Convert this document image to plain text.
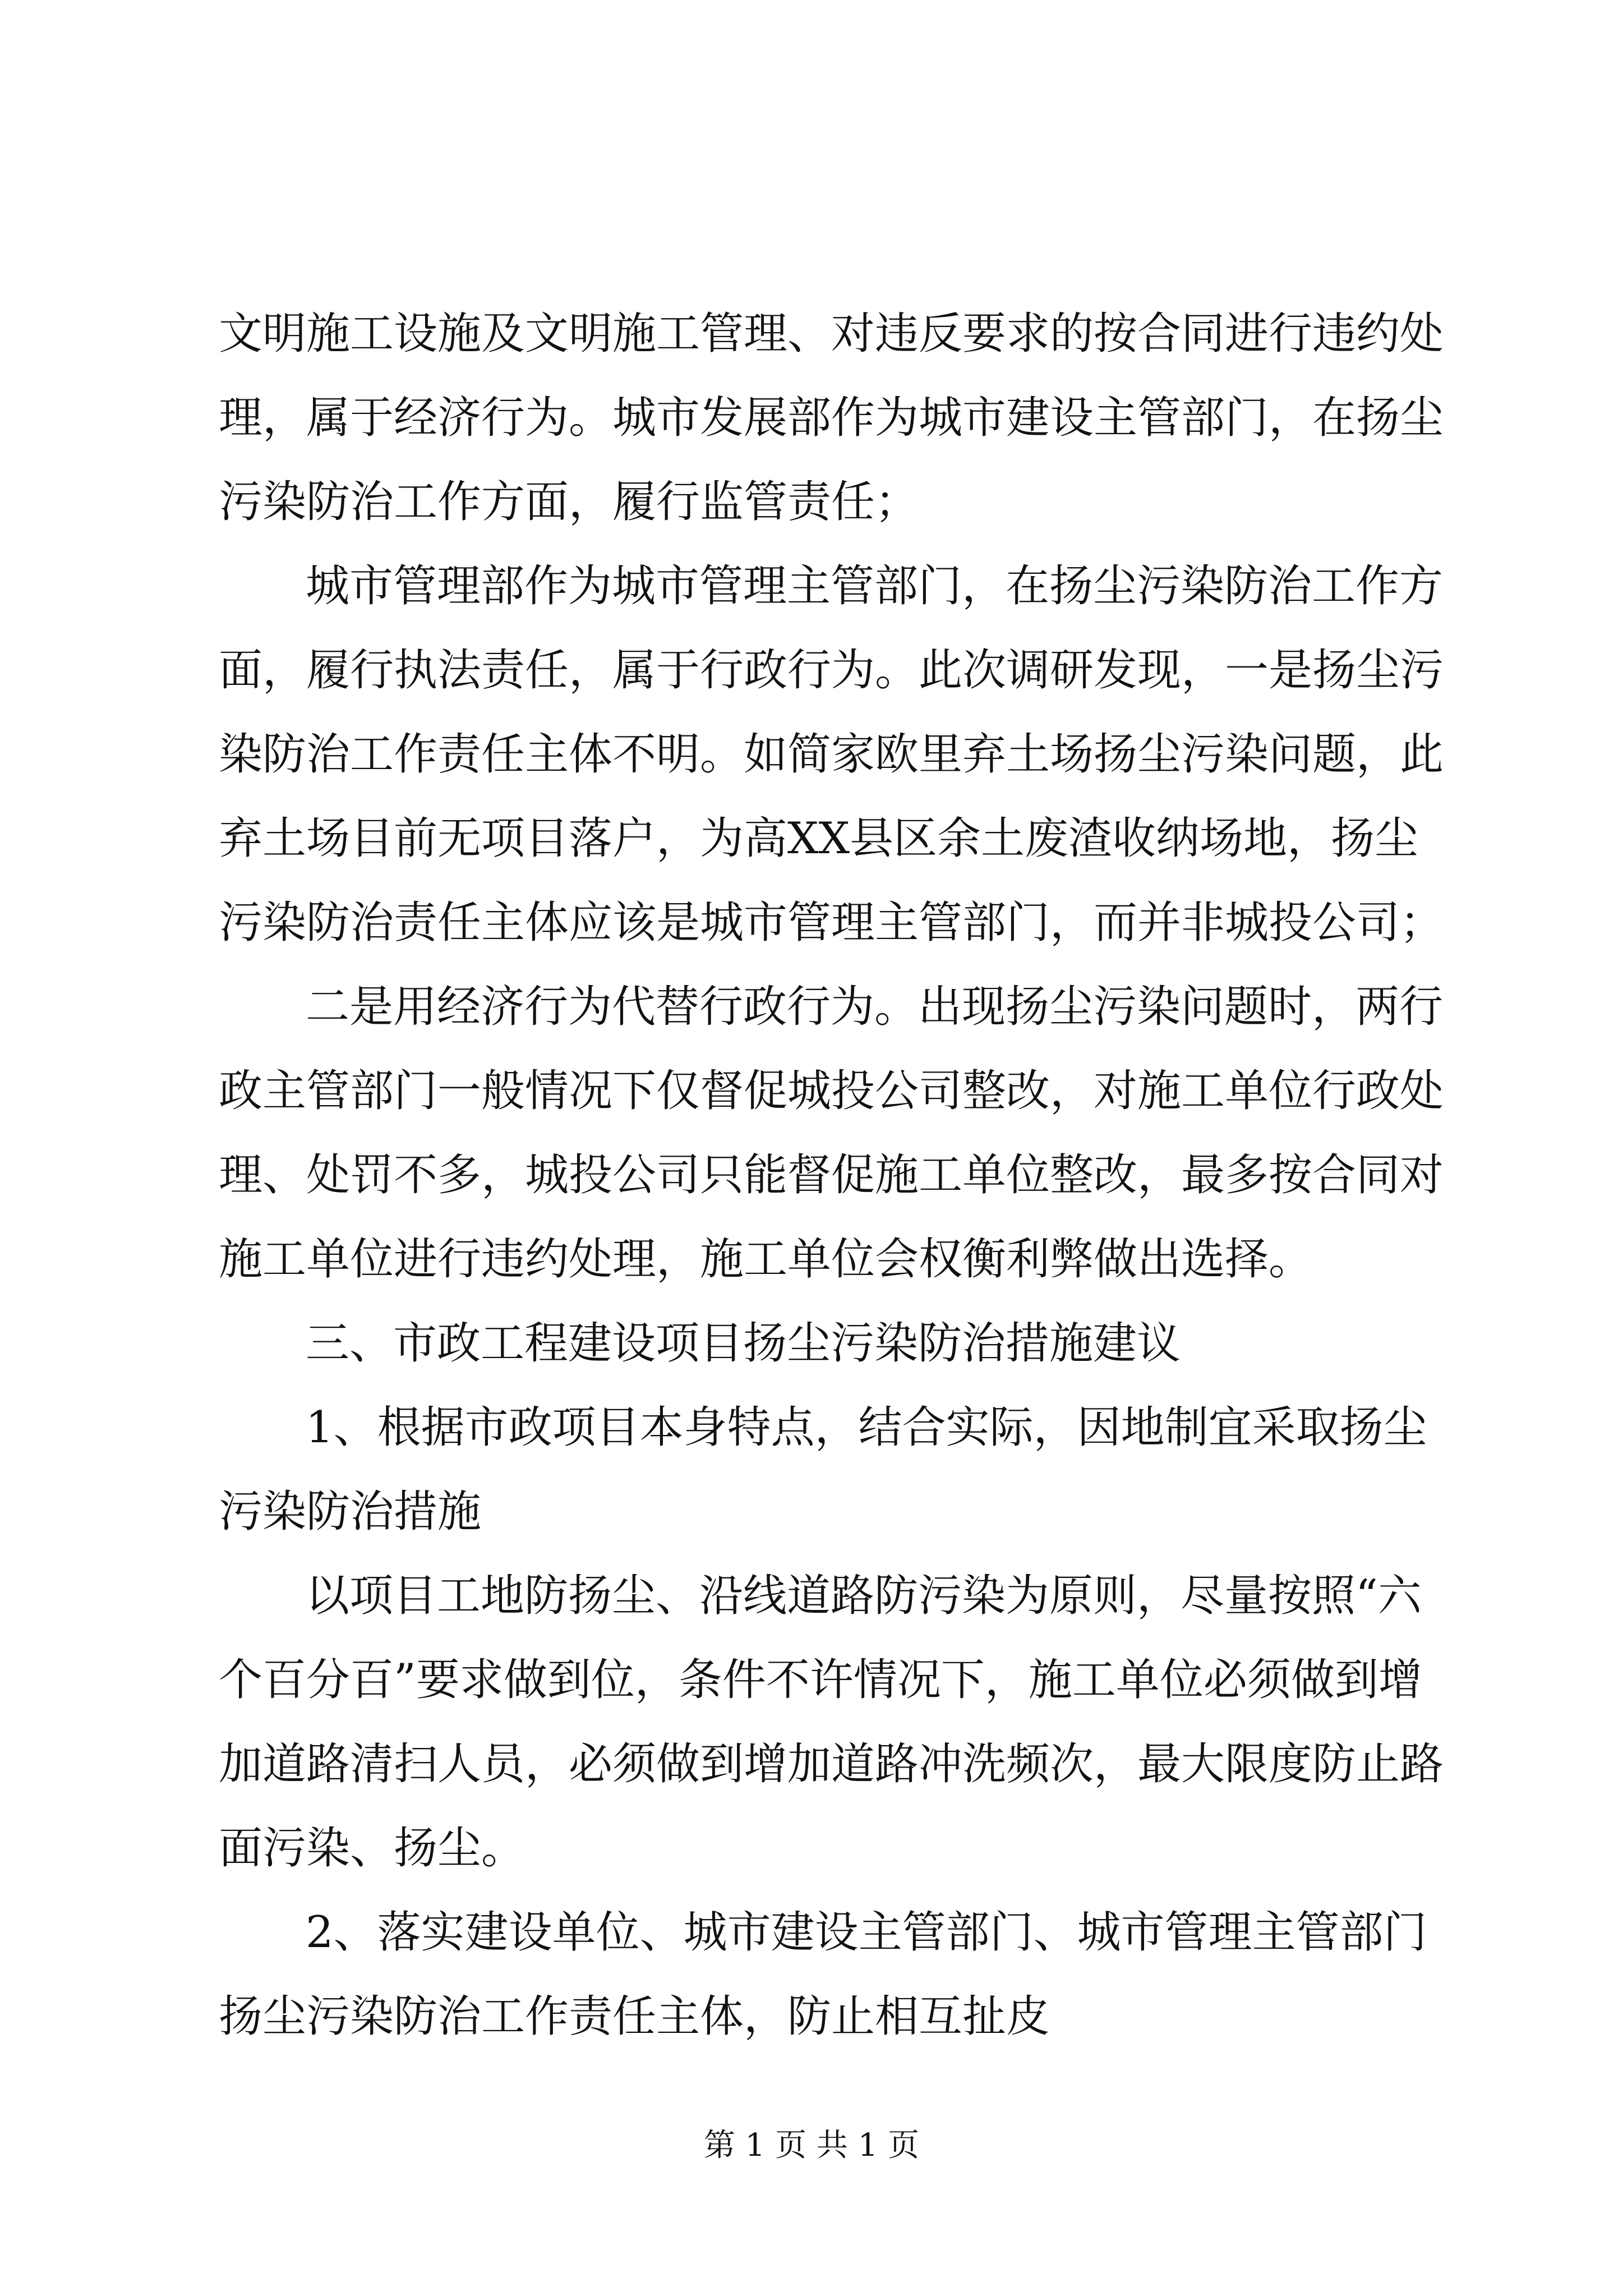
文明施工设施及文明施工管理、对违反要求的按合同进行违约处
理，属于经济行为。城市发展部作为城市建设主管部门，在扬尘
污染防治工作方面，履行监管责任；
城市管理部作为城市管理主管部门，在扬尘污染防治工作方
面，履行执法责任，属于行政行为。此次调研发现，一是扬尘污
染防治工作责任主体不明。如简家欧里弃土场扬尘污染问题，此
弃土场目前无项目落户，为高XX县区余土废渣收纳场地，扬尘
污染防治责任主体应该是城市管理主管部门，而并非城投公司；
二是用经济行为代替行政行为。出现扬尘污染问题时，两行
政主管部门一般情况下仅督促城投公司整改，对施工单位行政处
理、处罚不多，城投公司只能督促施工单位整改，最多按合同对
施工单位进行违约处理，施工单位会权衡利弊做出选择。
三、市政工程建设项目扬尘污染防治措施建议
1、根据市政项目本身特点，结合实际，因地制宜采取扬尘
污染防治措施
以项目工地防扬尘、沿线道路防污染为原则，尽量按照“六
个百分百”要求做到位，条件不许情况下，施工单位必须做到增
加道路清扫人员，必须做到增加道路冲洗频次，最大限度防止路
面污染、扬尘。
2、落实建设单位、城市建设主管部门、城市管理主管部门
扬尘污染防治工作责任主体，防止相互扯皮
第 1 页 共 1 页
